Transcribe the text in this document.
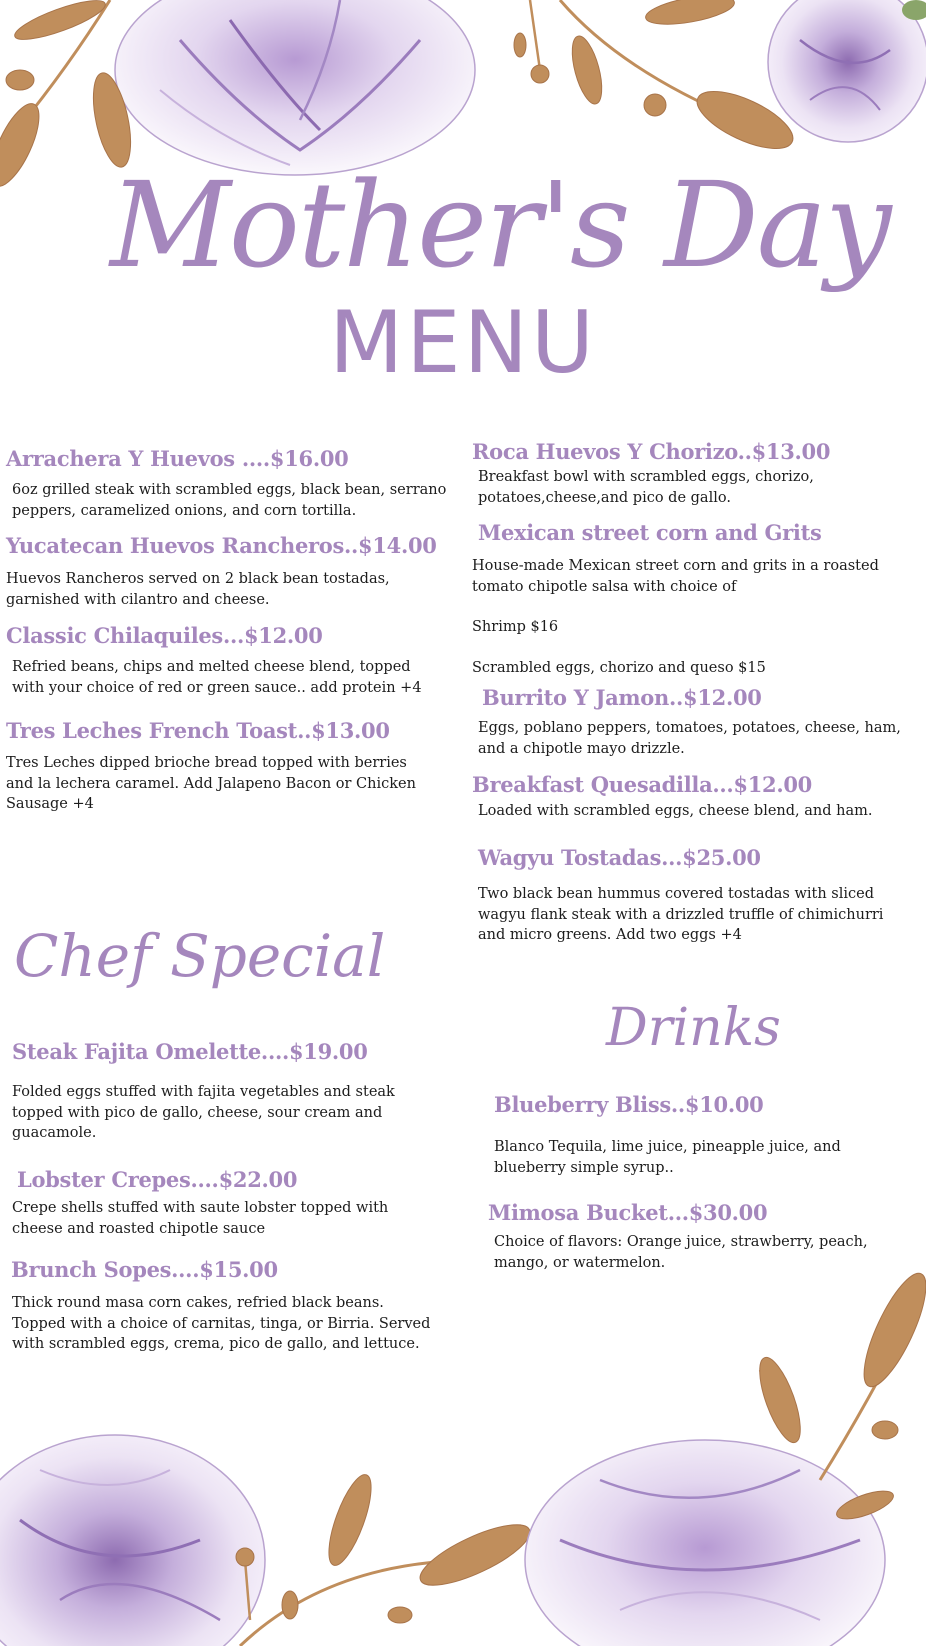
Mother's Day
MENU
Arrachera Y Huevos ....$16.00
6oz grilled steak with scrambled eggs, black bean, serrano
peppers, caramelized onions, and corn tortilla.
Yucatecan Huevos Rancheros..$14.00
Huevos Rancheros served on 2 black bean tostadas,
garnished with cilantro and cheese.
Classic Chilaquiles...$12.00
Refried beans, chips and melted cheese blend, topped
with your choice of red or green sauce.. add protein +4
Tres Leches French Toast..$13.00
Tres Leches dipped brioche bread topped with berries
and la lechera caramel. Add Jalapeno Bacon or Chicken
Sausage +4
Chef Special
Steak Fajita Omelette....$19.00
Folded eggs stuffed with fajita vegetables and steak
topped with pico de gallo, cheese, sour cream and
guacamole.
Lobster Crepes....$22.00
Crepe shells stuffed with saute lobster topped with
cheese and roasted chipotle sauce
Brunch Sopes....$15.00
Thick round masa corn cakes, refried black beans.
Topped with a choice of carnitas, tinga, or Birria. Served
with scrambled eggs, crema, pico de gallo, and lettuce.
Roca Huevos Y Chorizo..$13.00
Breakfast bowl with scrambled eggs, chorizo,
potatoes,cheese,and pico de gallo.
Mexican street corn and Grits
House-made Mexican street corn and grits in a roasted
tomato chipotle salsa with choice of
Shrimp $16
Scrambled eggs, chorizo and queso $15
Burrito Y Jamon..$12.00
Eggs, poblano peppers, tomatoes, potatoes, cheese, ham,
and a chipotle mayo drizzle.
Breakfast Quesadilla...$12.00
Loaded with scrambled eggs, cheese blend, and ham.
Wagyu Tostadas...$25.00
Two black bean hummus covered tostadas with sliced
wagyu flank steak with a drizzled truffle of chimichurri
and micro greens. Add two eggs +4
Drinks
Blueberry Bliss..$10.00
Blanco Tequila, lime juice, pineapple juice, and
blueberry simple syrup..
Mimosa Bucket...$30.00
Choice of flavors: Orange juice, strawberry, peach,
mango, or watermelon.
